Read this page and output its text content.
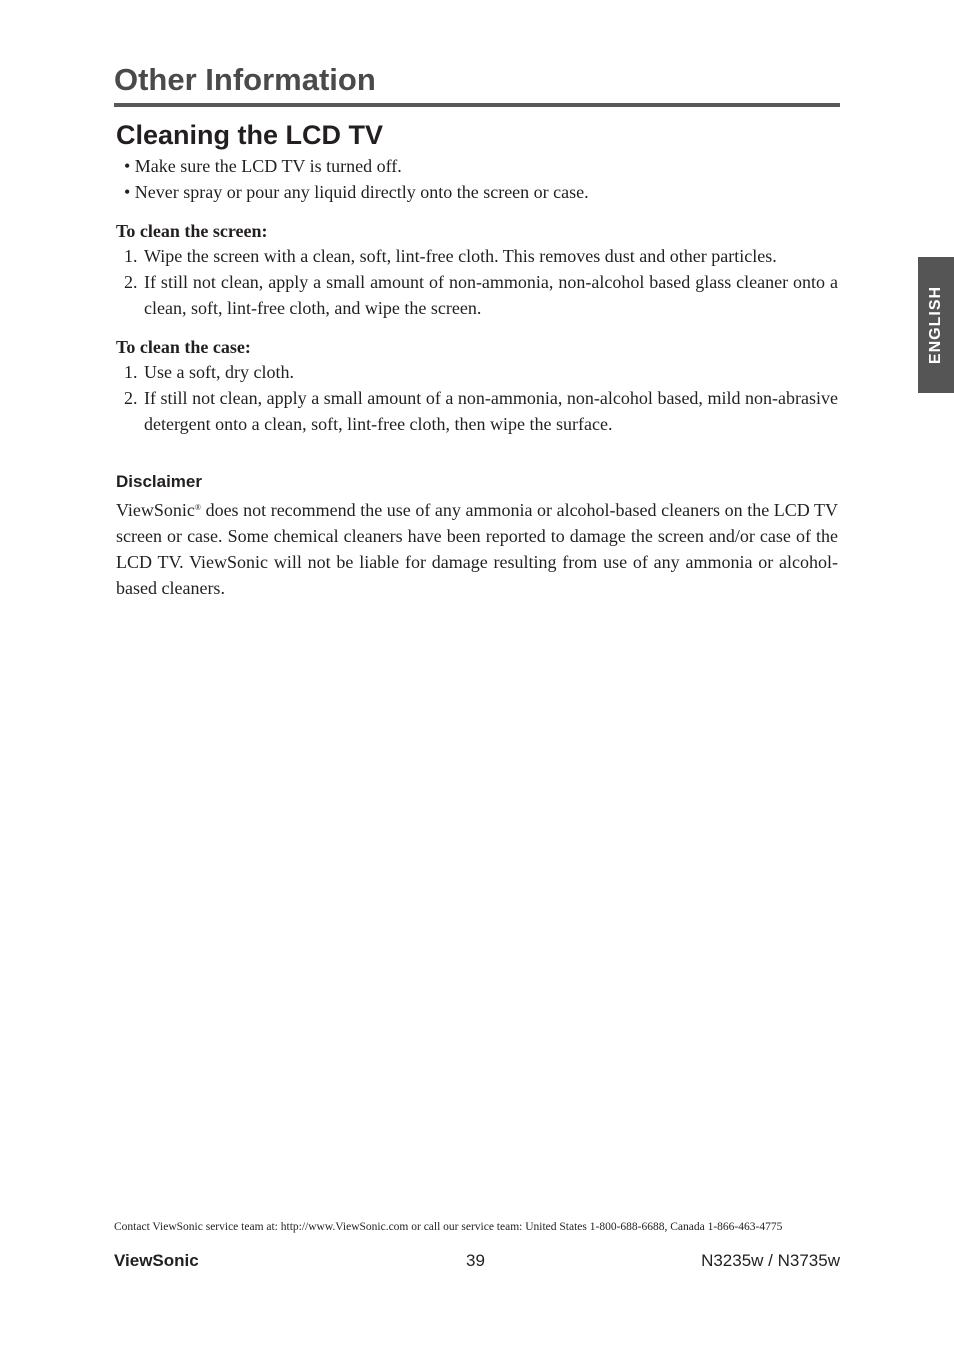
Other Information
Cleaning the LCD TV
• Make sure the LCD TV is turned off.
• Never spray or pour any liquid directly onto the screen or case.

To clean the screen:

1. Wipe the screen with a clean, soft, lint-free cloth. This removes dust and other particles.
2. If still not clean, apply a small amount of non-ammonia, non-alcohol based glass cleaner onto a clean, soft, lint-free cloth, and wipe the screen.

To clean the case:

1. Use a soft, dry cloth.
2. If still not clean, apply a small amount of a non-ammonia, non-alcohol based, mild non-abrasive detergent onto a clean, soft, lint-free cloth, then wipe the surface.
Disclaimer

ViewSonic® does not recommend the use of any ammonia or alcohol-based cleaners on the LCD TV screen or case. Some chemical cleaners have been reported to damage the screen and/or case of the LCD TV. ViewSonic will not be liable for damage resulting from use of any ammonia or alcohol-based cleaners.

ENGLISH
Contact ViewSonic service team at: http://www.ViewSonic.com or call our service team: United States 1-800-688-6688, Canada 1-866-463-4775
ViewSonic	39	N3235w / N3735w
